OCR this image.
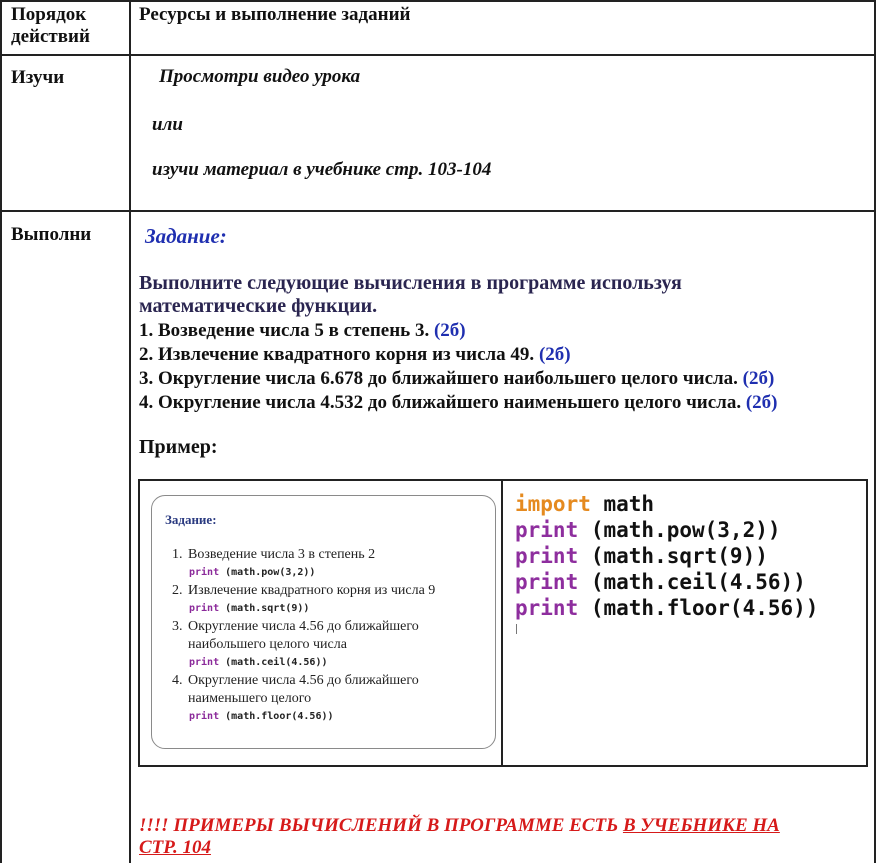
Порядок
действий
Ресурсы и выполнение заданий
Изучи	Просмотри видео урока
или
изучи материал в учебнике стр. 103-104
Выполни	Задание:
Выполните следующие вычисления в программе используя
математические функции.
1. Возведение числа 5 в степень 3. (2б)
2. Извлечение квадратного корня из числа 49. (2б)
3. Округление числа 6.678 до ближайшего наибольшего целого числа. (2б)
4. Округление числа 4.532 до ближайшего наименьшего целого числа. (2б)
Пример:
Задание:
1. Возведение числа 3 в степень 2
print (math.pow(3,2))
2. Извлечение квадратного корня из числа 9
print (math.sqrt(9))
3. Округление числа 4.56 до ближайшего
наибольшего целого числа
print (math.ceil(4.56))
4. Округление числа 4.56 до ближайшего
наименьшего целого
print (math.floor(4.56))
import math
print (math.pow(3,2))
print (math.sqrt(9))
print (math.ceil(4.56))
print (math.floor(4.56))
!!!! ПРИМЕРЫ ВЫЧИСЛЕНИЙ В ПРОГРАММЕ ЕСТЬ В УЧЕБНИКЕ НА
СТР. 104
